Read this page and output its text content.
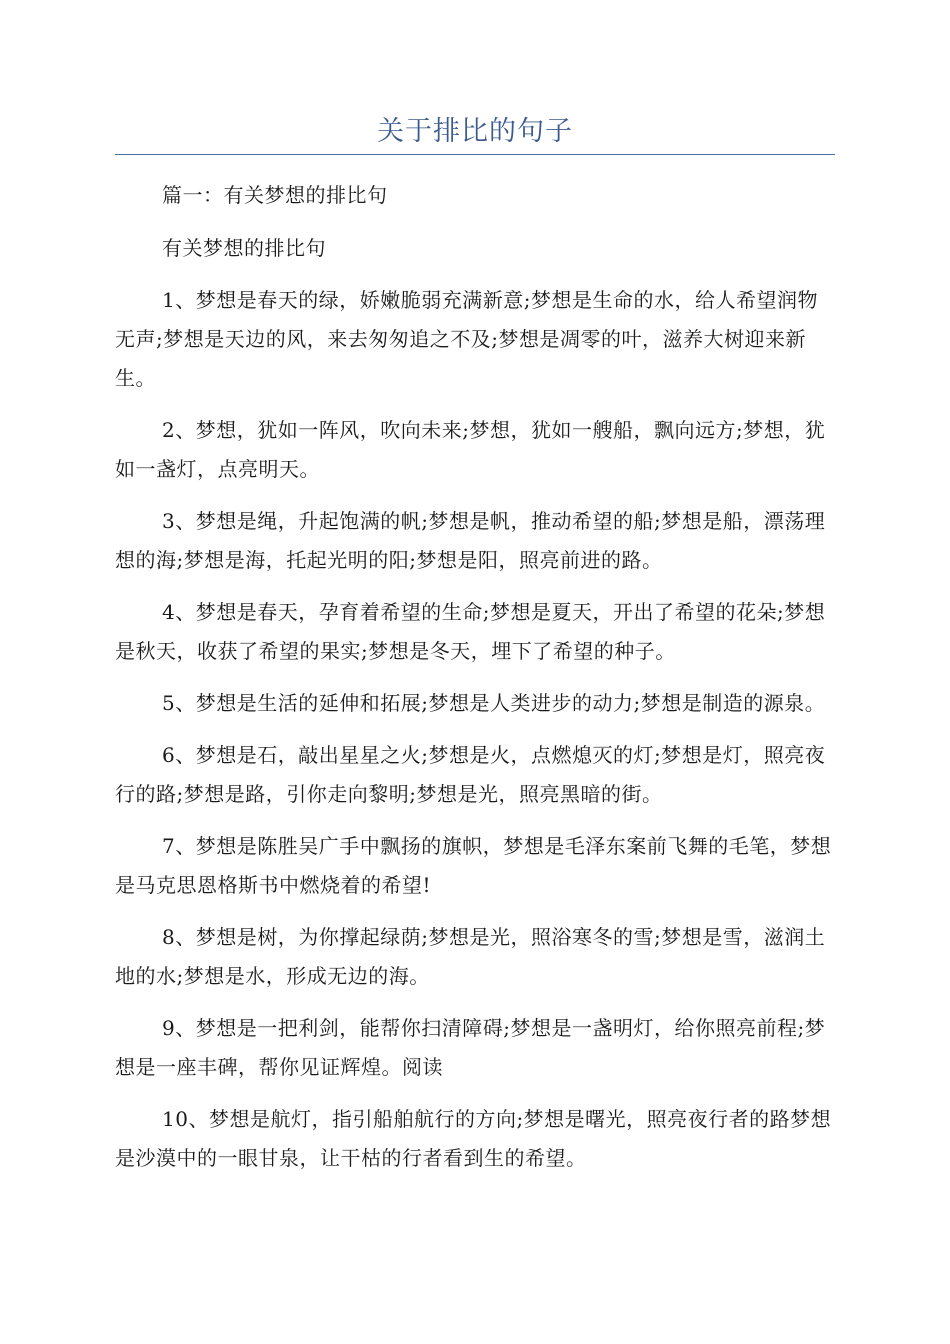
关于排比的句子

篇一：有关梦想的排比句

有关梦想的排比句

1、梦想是春天的绿，娇嫩脆弱充满新意;梦想是生命的水，给人希望润物无声;梦想是天边的风，来去匆匆追之不及;梦想是凋零的叶，滋养大树迎来新生。

2、梦想，犹如一阵风，吹向未来;梦想，犹如一艘船，飘向远方;梦想，犹如一盏灯，点亮明天。

3、梦想是绳，升起饱满的帆;梦想是帆，推动希望的船;梦想是船，漂荡理想的海;梦想是海，托起光明的阳;梦想是阳，照亮前进的路。

4、梦想是春天，孕育着希望的生命;梦想是夏天，开出了希望的花朵;梦想是秋天，收获了希望的果实;梦想是冬天，埋下了希望的种子。

5、梦想是生活的延伸和拓展;梦想是人类进步的动力;梦想是制造的源泉。

6、梦想是石，敲出星星之火;梦想是火，点燃熄灭的灯;梦想是灯，照亮夜行的路;梦想是路，引你走向黎明;梦想是光，照亮黑暗的街。

7、梦想是陈胜吴广手中飘扬的旗帜，梦想是毛泽东案前飞舞的毛笔，梦想是马克思恩格斯书中燃烧着的希望!

8、梦想是树，为你撑起绿荫;梦想是光，照浴寒冬的雪;梦想是雪，滋润土地的水;梦想是水，形成无边的海。

9、梦想是一把利剑，能帮你扫清障碍;梦想是一盏明灯，给你照亮前程;梦想是一座丰碑，帮你见证辉煌。阅读

10、梦想是航灯，指引船舶航行的方向;梦想是曙光，照亮夜行者的路梦想是沙漠中的一眼甘泉，让干枯的行者看到生的希望。
